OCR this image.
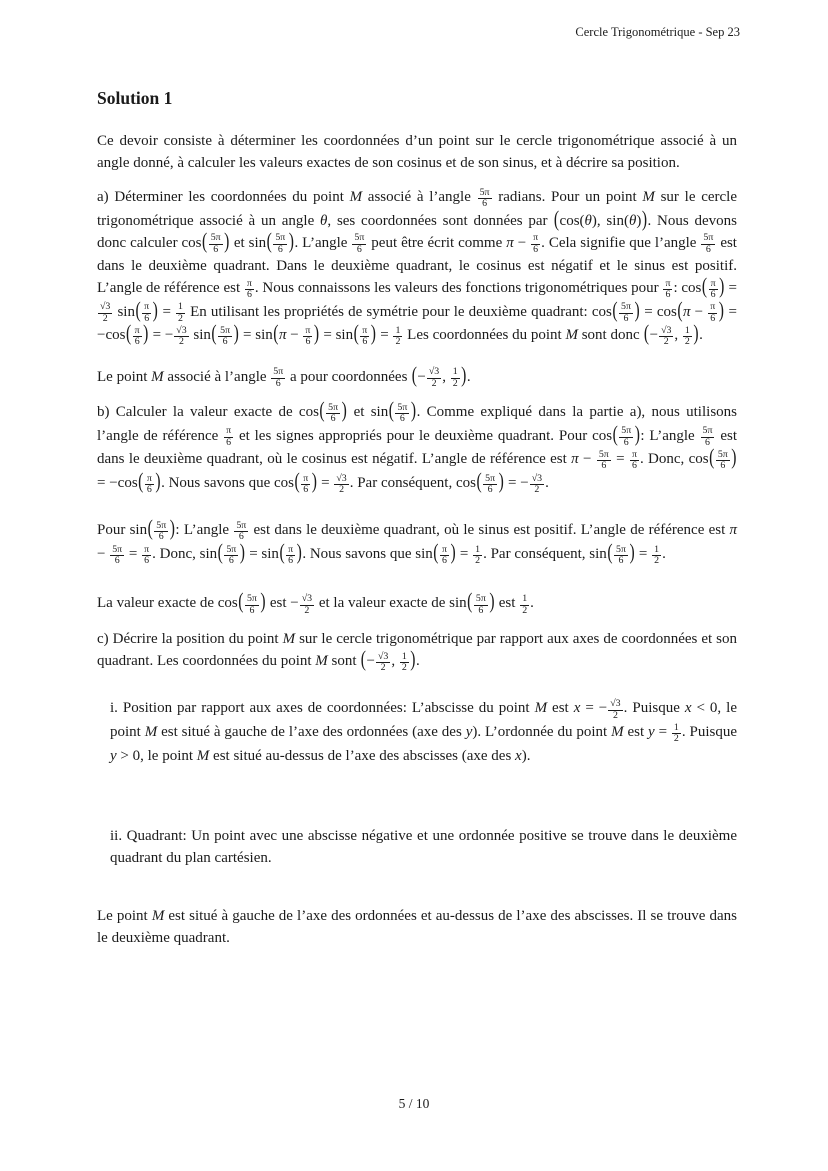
Cercle Trigonométrique - Sep 23
Solution 1

Ce devoir consiste à déterminer les coordonnées d’un point sur le cercle trigonométrique associé à un angle donné, à calculer les valeurs exactes de son cosinus et de son sinus, et à décrire sa position.

a) Déterminer les coordonnées du point M associé à l’angle $\frac{5\pi}{6}$ radians. Pour un point M sur le cercle trigonométrique associé à un angle θ, ses coordonnées sont données par (cos(θ), sin(θ)). Nous devons donc calculer $\cos( \frac{5\pi}{6}$ ) et $\sin( \frac{5\pi}{6}$ ). L’angle $\frac{5\pi}{6}$ peut être écrit comme $\pi - \frac{\pi}{6}$ . Cela signifie que l’angle $\frac{5\pi}{6}$ est dans le deuxième quadrant. Dans le deuxième quadrant, le cosinus est négatif et le sinus est positif. L’angle de référence est $\frac{\pi}{6}$ . Nous connaissons les valeurs des fonctions trigonométriques pour $\frac{\pi}{6}$ : $\cos( \frac{\pi}{6}$ ) =
$\frac{√3}{2} \sin( \frac{\pi}{6}$ ) = $\frac{1}{2}$ En utilisant les propriétés de symétrie pour le deuxième quadrant: $\cos( \frac{5\pi}{6}$ ) = $\cos(\pi - \frac{\pi}{6}$ ) = $-\cos( \frac{\pi}{6}$ ) = − $\frac{√3}{2} \sin( \frac{5\pi}{6}$ ) = $\sin(\pi - \frac{\pi}{6}$ ) = $\sin( \frac{\pi}{6}$ ) = $\frac{1}{2}$ Les coordonnées du point M sont donc (− $\frac{√3}{2}$ , $\frac{1}{2}$ ).

Le point M associé à l’angle $\frac{5\pi}{6}$ a pour coordonnées (− $\frac{√3}{2}$ , $\frac{1}{2}$ ).

b) Calculer la valeur exacte de $\cos( \frac{5\pi}{6}$ ) et $\sin( \frac{5\pi}{6}$ ). Comme expliqué dans la partie a), nous utilisons l’angle de référence $\frac{\pi}{6}$ et les signes appropriés pour le deuxième quadrant. Pour $\cos( \frac{5\pi}{6}$ ): L’angle $\frac{5\pi}{6}$ est dans le deuxième quadrant, où le cosinus est négatif. L’angle de référence est $\pi - \frac{5\pi}{6} = \frac{\pi}{6}$ . Donc, $\cos( \frac{5\pi}{6}$ ) = $-\cos( \frac{\pi}{6}$ ). Nous savons que $\cos( \frac{\pi}{6}$ ) = $\frac{√3}{2}$ . Par conséquent, $\cos( \frac{5\pi}{6}$ ) = − $\frac{√3}{2}$ .

Pour $\sin( \frac{5\pi}{6}$ ): L’angle $\frac{5\pi}{6}$ est dans le deuxième quadrant, où le sinus est positif. L’angle de référence est $\pi - \frac{5\pi}{6} = \frac{\pi}{6}$ . Donc, $\sin( \frac{5\pi}{6}$ ) = $\sin( \frac{\pi}{6}$ ). Nous savons que $\sin( \frac{\pi}{6}$ ) = $\frac{1}{2}$ . Par conséquent, $\sin( \frac{5\pi}{6}$ ) = $\frac{1}{2}$ .

La valeur exacte de $\cos( \frac{5\pi}{6}$ ) est − $\frac{√3}{2}$ et la valeur exacte de $\sin( \frac{5\pi}{6}$ ) est $\frac{1}{2}$ .

c) Décrire la position du point M sur le cercle trigonométrique par rapport aux axes de coordonnées et son quadrant. Les coordonnées du point M sont (− $\frac{√3}{2}$ , $\frac{1}{2}$ ).

i. Position par rapport aux axes de coordonnées: L’abscisse du point M est x = − $\frac{√3}{2}$ . Puisque x < 0, le point M est situé à gauche de l’axe des ordonnées (axe des y). L’ordonnée du point M est $y = \frac{1}{2}$ . Puisque y > 0, le point M est situé au-dessus de l’axe des abscisses (axe des x).

ii. Quadrant: Un point avec une abscisse négative et une ordonnée positive se trouve dans le deuxième quadrant du plan cartésien.

Le point M est situé à gauche de l’axe des ordonnées et au-dessus de l’axe des abscisses. Il se trouve dans le deuxième quadrant.

5 / 10
